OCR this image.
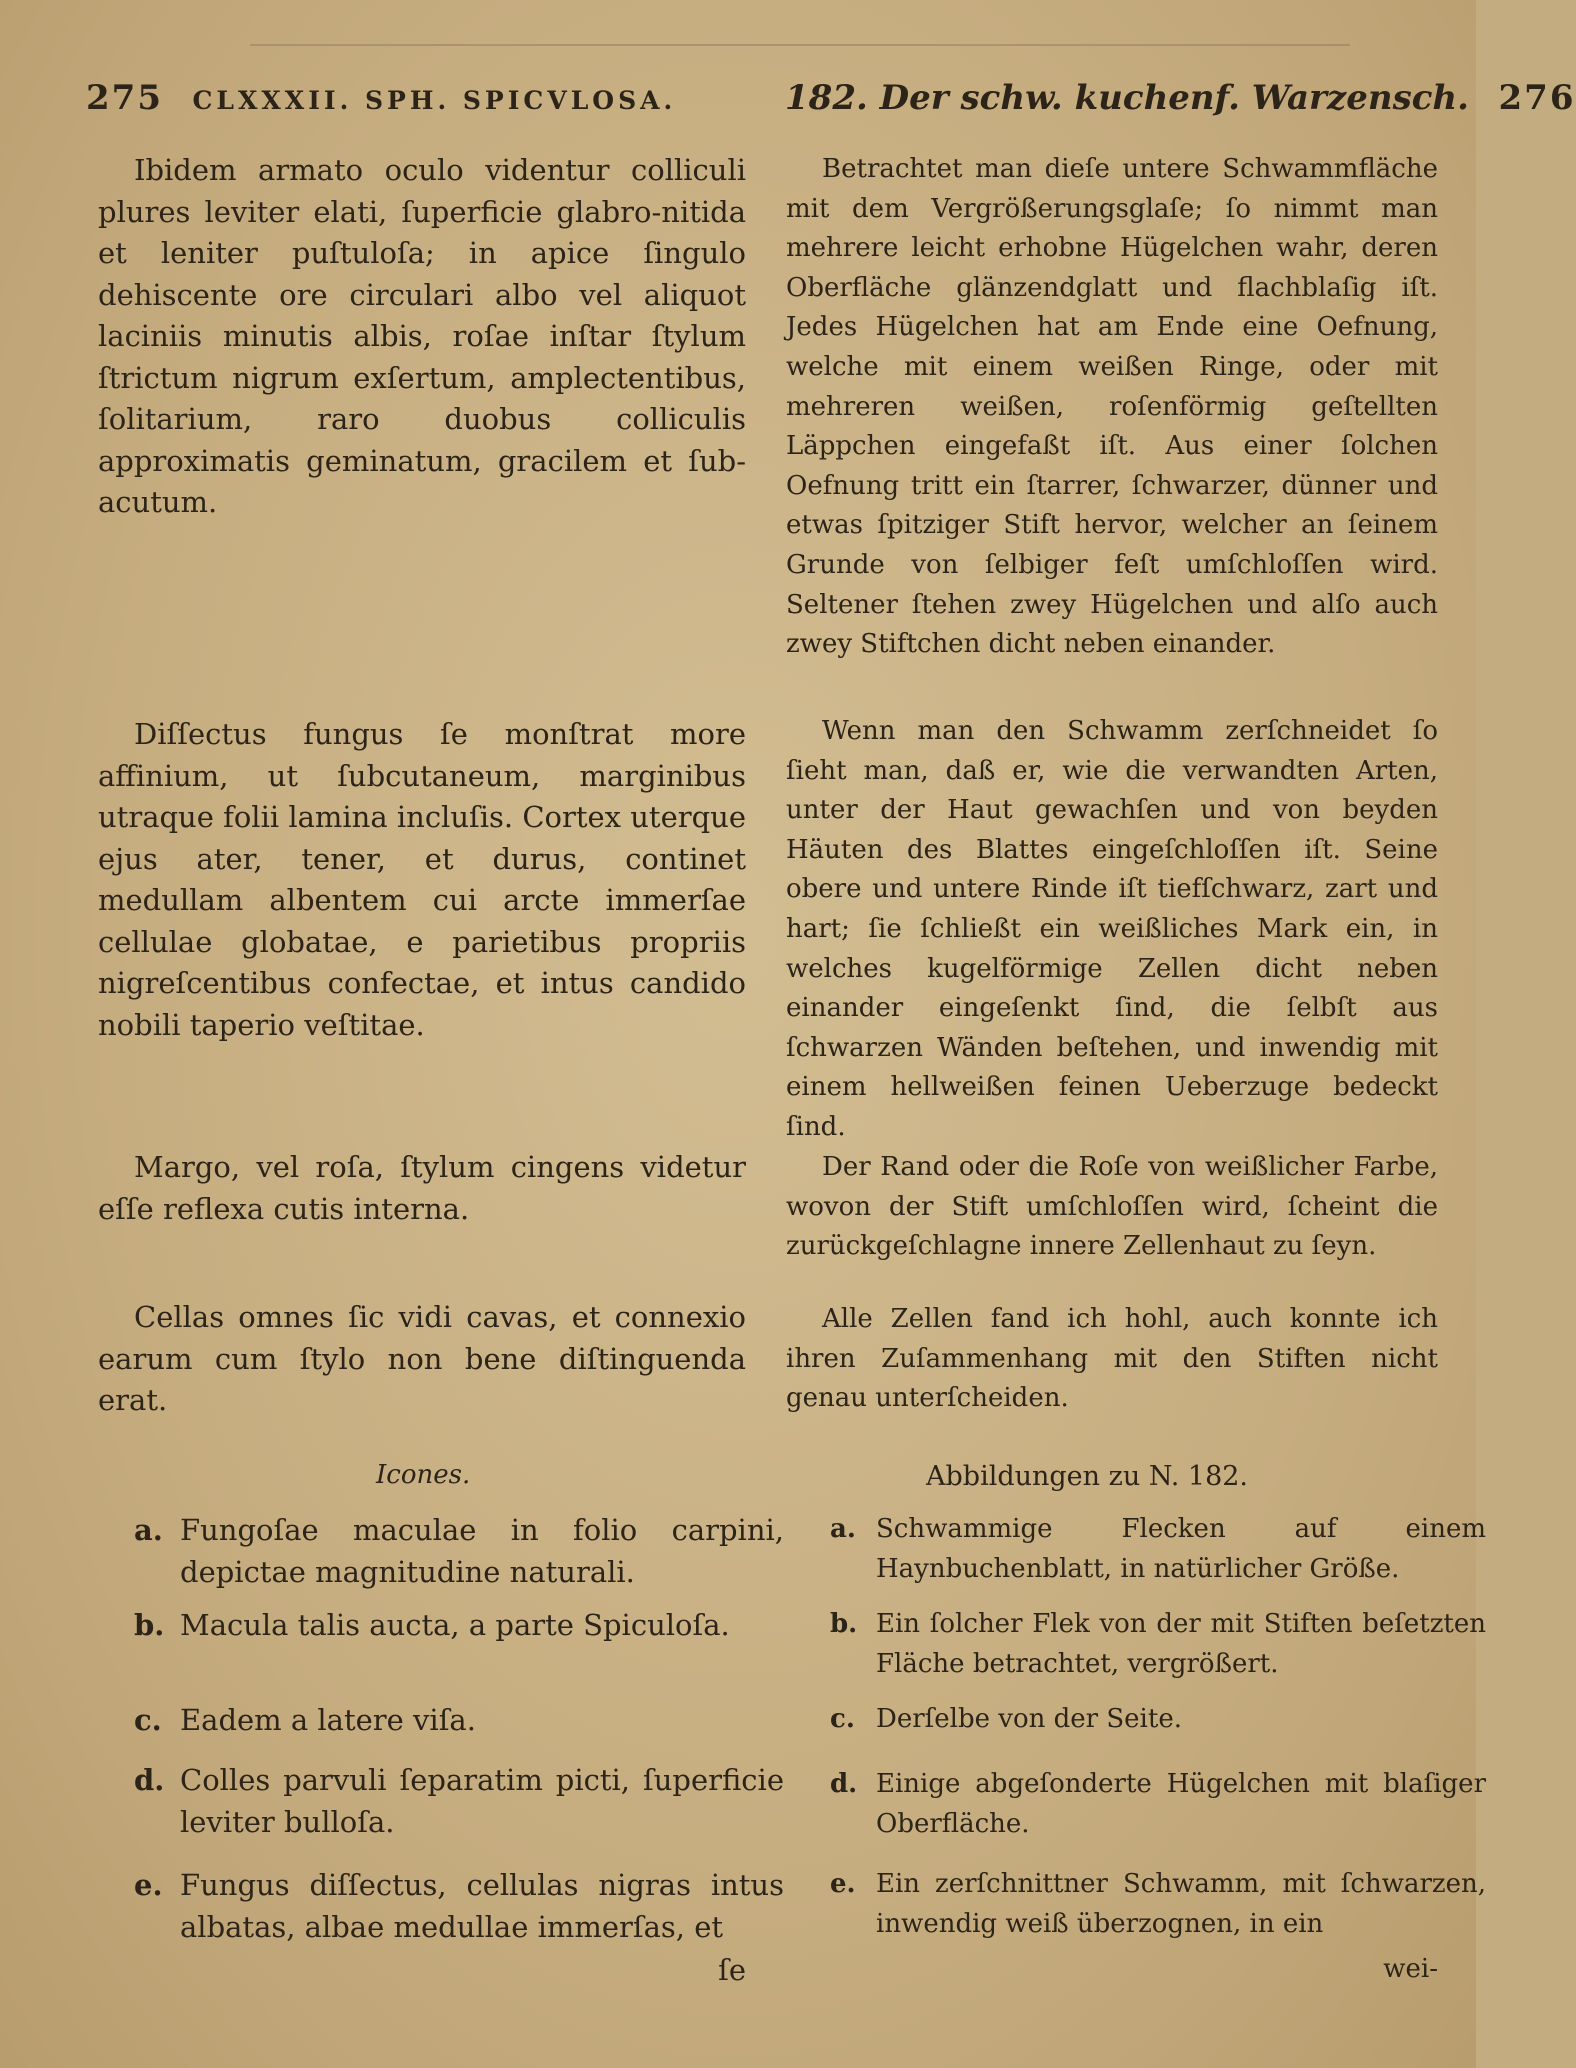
275 CLXXXII. SPH. SPICVLOSA.	182. Der schw. kuchenf. Warzensch. 276

Ibidem armato oculo videntur colliculi plures leviter elati, ſuperficie glabro-nitida et leniter puſtuloſa; in apice ſingulo dehiscente ore circulari albo vel aliquot laciniis minutis albis, roſae inſtar ſtylum ſtrictum nigrum exſertum, amplectentibus, ſolitarium, raro duobus colliculis approximatis geminatum, gracilem et ſub-acutum.

Diſſectus fungus ſe monſtrat more affinium, ut ſubcutaneum, marginibus utraque folii lamina incluſis. Cortex uterque ejus ater, tener, et durus, continet medullam albentem cui arcte immerſae cellulae globatae, e parietibus propriis nigreſcentibus confectae, et intus candido nobili taperio veſtitae.

Margo, vel roſa, ſtylum cingens videtur eſſe reflexa cutis interna.

Cellas omnes ſic vidi cavas, et connexio earum cum ſtylo non bene diſtinguenda erat.

Icones.
a. Fungoſae maculae in folio carpini, depictae magnitudine naturali.
b. Macula talis aucta, a parte Spiculoſa.
c. Eadem a latere viſa.
d. Colles parvuli ſeparatim picti, ſuperficie leviter bulloſa.
e. Fungus diſſectus, cellulas nigras intus albatas, albae medullae immerſas, et
ſe

Betrachtet man dieſe untere Schwammfläche mit dem Vergrößerungsglaſe; ſo nimmt man mehrere leicht erhobne Hügelchen wahr, deren Oberfläche glänzendglatt und flachblaſig iſt. Jedes Hügelchen hat am Ende eine Oefnung, welche mit einem weißen Ringe, oder mit mehreren weißen, roſenförmig geſtellten Läppchen eingefaßt iſt. Aus einer ſolchen Oefnung tritt ein ſtarrer, ſchwarzer, dünner und etwas ſpitziger Stift hervor, welcher an ſeinem Grunde von ſelbiger feſt umſchloſſen wird. Seltener ſtehen zwey Hügelchen und alſo auch zwey Stiftchen dicht neben einander.

Wenn man den Schwamm zerſchneidet ſo ſieht man, daß er, wie die verwandten Arten, unter der Haut gewachſen und von beyden Häuten des Blattes eingeſchloſſen iſt. Seine obere und untere Rinde iſt tiefſchwarz, zart und hart; ſie ſchließt ein weißliches Mark ein, in welches kugelförmige Zellen dicht neben einander eingeſenkt ſind, die ſelbſt aus ſchwarzen Wänden beſtehen, und inwendig mit einem hellweißen feinen Ueberzuge bedeckt ſind.

Der Rand oder die Roſe von weißlicher Farbe, wovon der Stift umſchloſſen wird, ſcheint die zurückgeſchlagne innere Zellenhaut zu ſeyn.

Alle Zellen fand ich hohl, auch konnte ich ihren Zuſammenhang mit den Stiften nicht genau unterſcheiden.

Abbildungen zu N. 182.
a. Schwammige Flecken auf einem Haynbuchenblatt, in natürlicher Größe.
b. Ein ſolcher Flek von der mit Stiften beſetzten Fläche betrachtet, vergrößert.
c. Derſelbe von der Seite.
d. Einige abgeſonderte Hügelchen mit blaſiger Oberfläche.
e. Ein zerſchnittner Schwamm, mit ſchwarzen, inwendig weiß überzognen, in ein
wei-
